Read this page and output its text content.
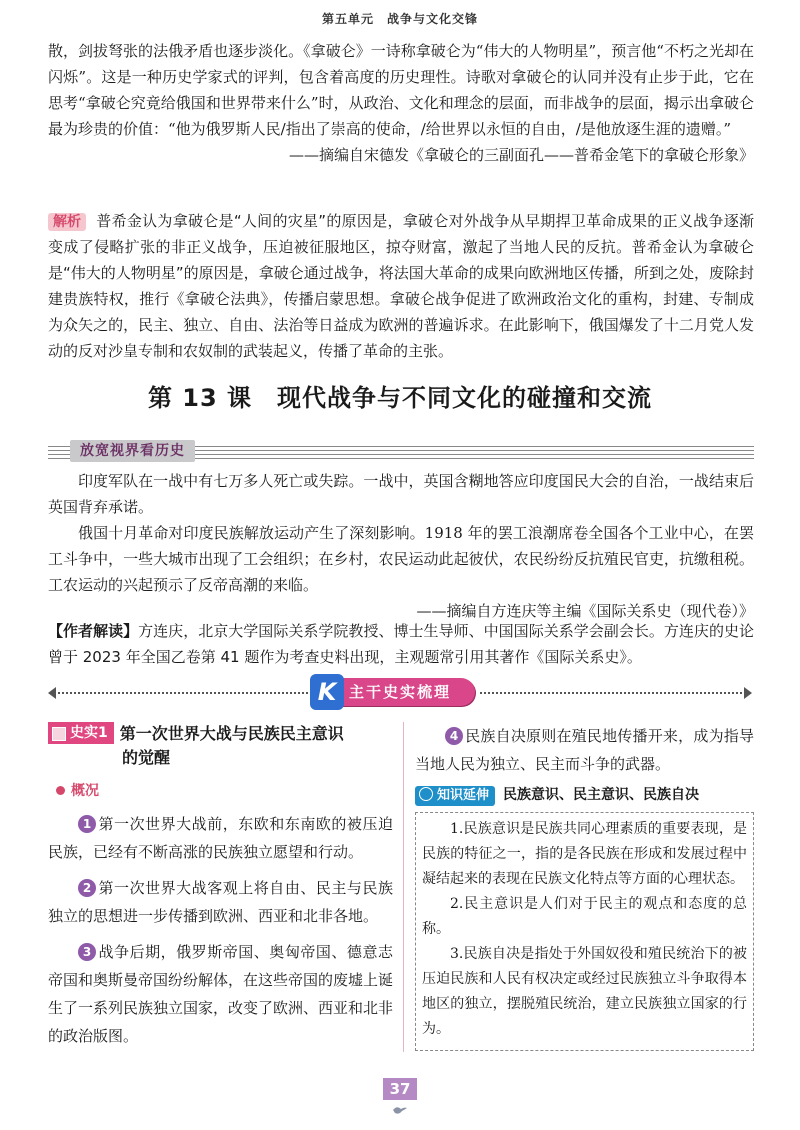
第五单元　战争与文化交锋

散，剑拔弩张的法俄矛盾也逐步淡化。《拿破仑》一诗称拿破仑为“伟大的人物明星”，预言他“不朽之光却在闪烁”。这是一种历史学家式的评判，包含着高度的历史理性。诗歌对拿破仑的认同并没有止步于此，它在思考“拿破仑究竟给俄国和世界带来什么”时，从政治、文化和理念的层面，而非战争的层面，揭示出拿破仑最为珍贵的价值：“他为俄罗斯人民/指出了崇高的使命，/给世界以永恒的自由，/是他放逐生涯的遗赠。”

——摘编自宋德发《拿破仑的三副面孔——普希金笔下的拿破仑形象》

解析 普希金认为拿破仑是“人间的灾星”的原因是，拿破仑对外战争从早期捍卫革命成果的正义战争逐渐变成了侵略扩张的非正义战争，压迫被征服地区，掠夺财富，激起了当地人民的反抗。普希金认为拿破仑是“伟大的人物明星”的原因是，拿破仑通过战争，将法国大革命的成果向欧洲地区传播，所到之处，废除封建贵族特权，推行《拿破仑法典》，传播启蒙思想。拿破仑战争促进了欧洲政治文化的重构，封建、专制成为众矢之的，民主、独立、自由、法治等日益成为欧洲的普遍诉求。在此影响下，俄国爆发了十二月党人发动的反对沙皇专制和农奴制的武装起义，传播了革命的主张。

第 13 课　现代战争与不同文化的碰撞和交流
放宽视界看历史

印度军队在一战中有七万多人死亡或失踪。一战中，英国含糊地答应印度国民大会的自治，一战结束后英国背弃承诺。

俄国十月革命对印度民族解放运动产生了深刻影响。1918 年的罢工浪潮席卷全国各个工业中心，在罢工斗争中，一些大城市出现了工会组织；在乡村，农民运动此起彼伏，农民纷纷反抗殖民官吏，抗缴租税。工农运动的兴起预示了反帝高潮的来临。

——摘编自方连庆等主编《国际关系史（现代卷）》

【作者解读】方连庆，北京大学国际关系学院教授、博士生导师、中国国际关系学会副会长。方连庆的史论曾于 2023 年全国乙卷第 41 题作为考查史料出现，主观题常引用其著作《国际关系史》。

主干史实梳理
K
史实1 第一次世界大战与民族民主意识
的觉醒
概况

1 第一次世界大战前，东欧和东南欧的被压迫民族，已经有不断高涨的民族独立愿望和行动。

2 第一次世界大战客观上将自由、民主与民族独立的思想进一步传播到欧洲、西亚和北非各地。

3 战争后期，俄罗斯帝国、奥匈帝国、德意志帝国和奥斯曼帝国纷纷解体，在这些帝国的废墟上诞生了一系列民族独立国家，改变了欧洲、西亚和北非的政治版图。

4 民族自决原则在殖民地传播开来，成为指导当地人民为独立、民主而斗争的武器。

知识延伸 民族意识、民主意识、民族自决

1.民族意识是民族共同心理素质的重要表现，是民族的特征之一，指的是各民族在形成和发展过程中凝结起来的表现在民族文化特点等方面的心理状态。

2.民主意识是人们对于民主的观点和态度的总称。

3.民族自决是指处于外国奴役和殖民统治下的被压迫民族和人民有权决定或经过民族独立斗争取得本地区的独立，摆脱殖民统治，建立民族独立国家的行为。

37
